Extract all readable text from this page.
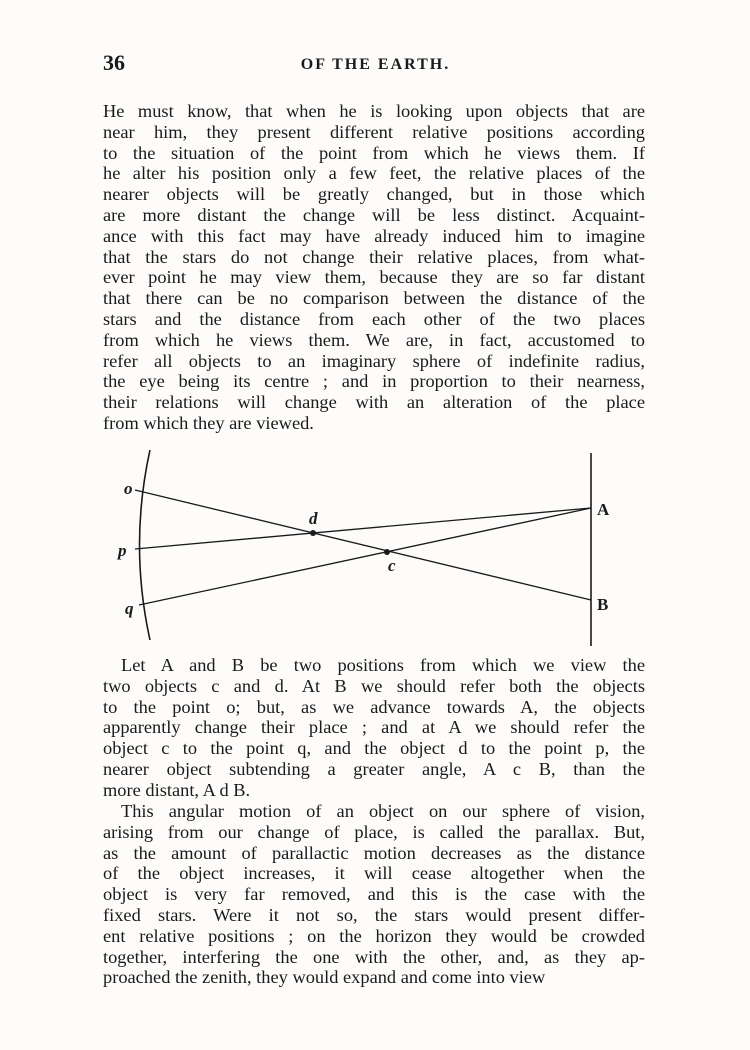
36	OF THE EARTH.
He must know, that when he is looking upon objects that are
near him, they present different relative positions according
to the situation of the point from which he views them. If
he alter his position only a few feet, the relative places of the
nearer objects will be greatly changed, but in those which
are more distant the change will be less distinct. Acquaint-
ance with this fact may have already induced him to imagine
that the stars do not change their relative places, from what-
ever point he may view them, because they are so far distant
that there can be no comparison between the distance of the
stars and the distance from each other of the two places
from which he views them. We are, in fact, accustomed to
refer all objects to an imaginary sphere of indefinite radius,
the eye being its centre ; and in proportion to their nearness,
their relations will change with an alteration of the place
from which they are viewed.
o
p
q
d
c
A
B
Let A and B be two positions from which we view the
two objects c and d. At B we should refer both the objects
to the point o; but, as we advance towards A, the objects
apparently change their place ; and at A we should refer the
object c to the point q, and the object d to the point p, the
nearer object subtending a greater angle, A c B, than the
more distant, A d B.
This angular motion of an object on our sphere of vision,
arising from our change of place, is called the parallax. But,
as the amount of parallactic motion decreases as the distance
of the object increases, it will cease altogether when the
object is very far removed, and this is the case with the
fixed stars. Were it not so, the stars would present differ-
ent relative positions ; on the horizon they would be crowded
together, interfering the one with the other, and, as they ap-
proached the zenith, they would expand and come into view
